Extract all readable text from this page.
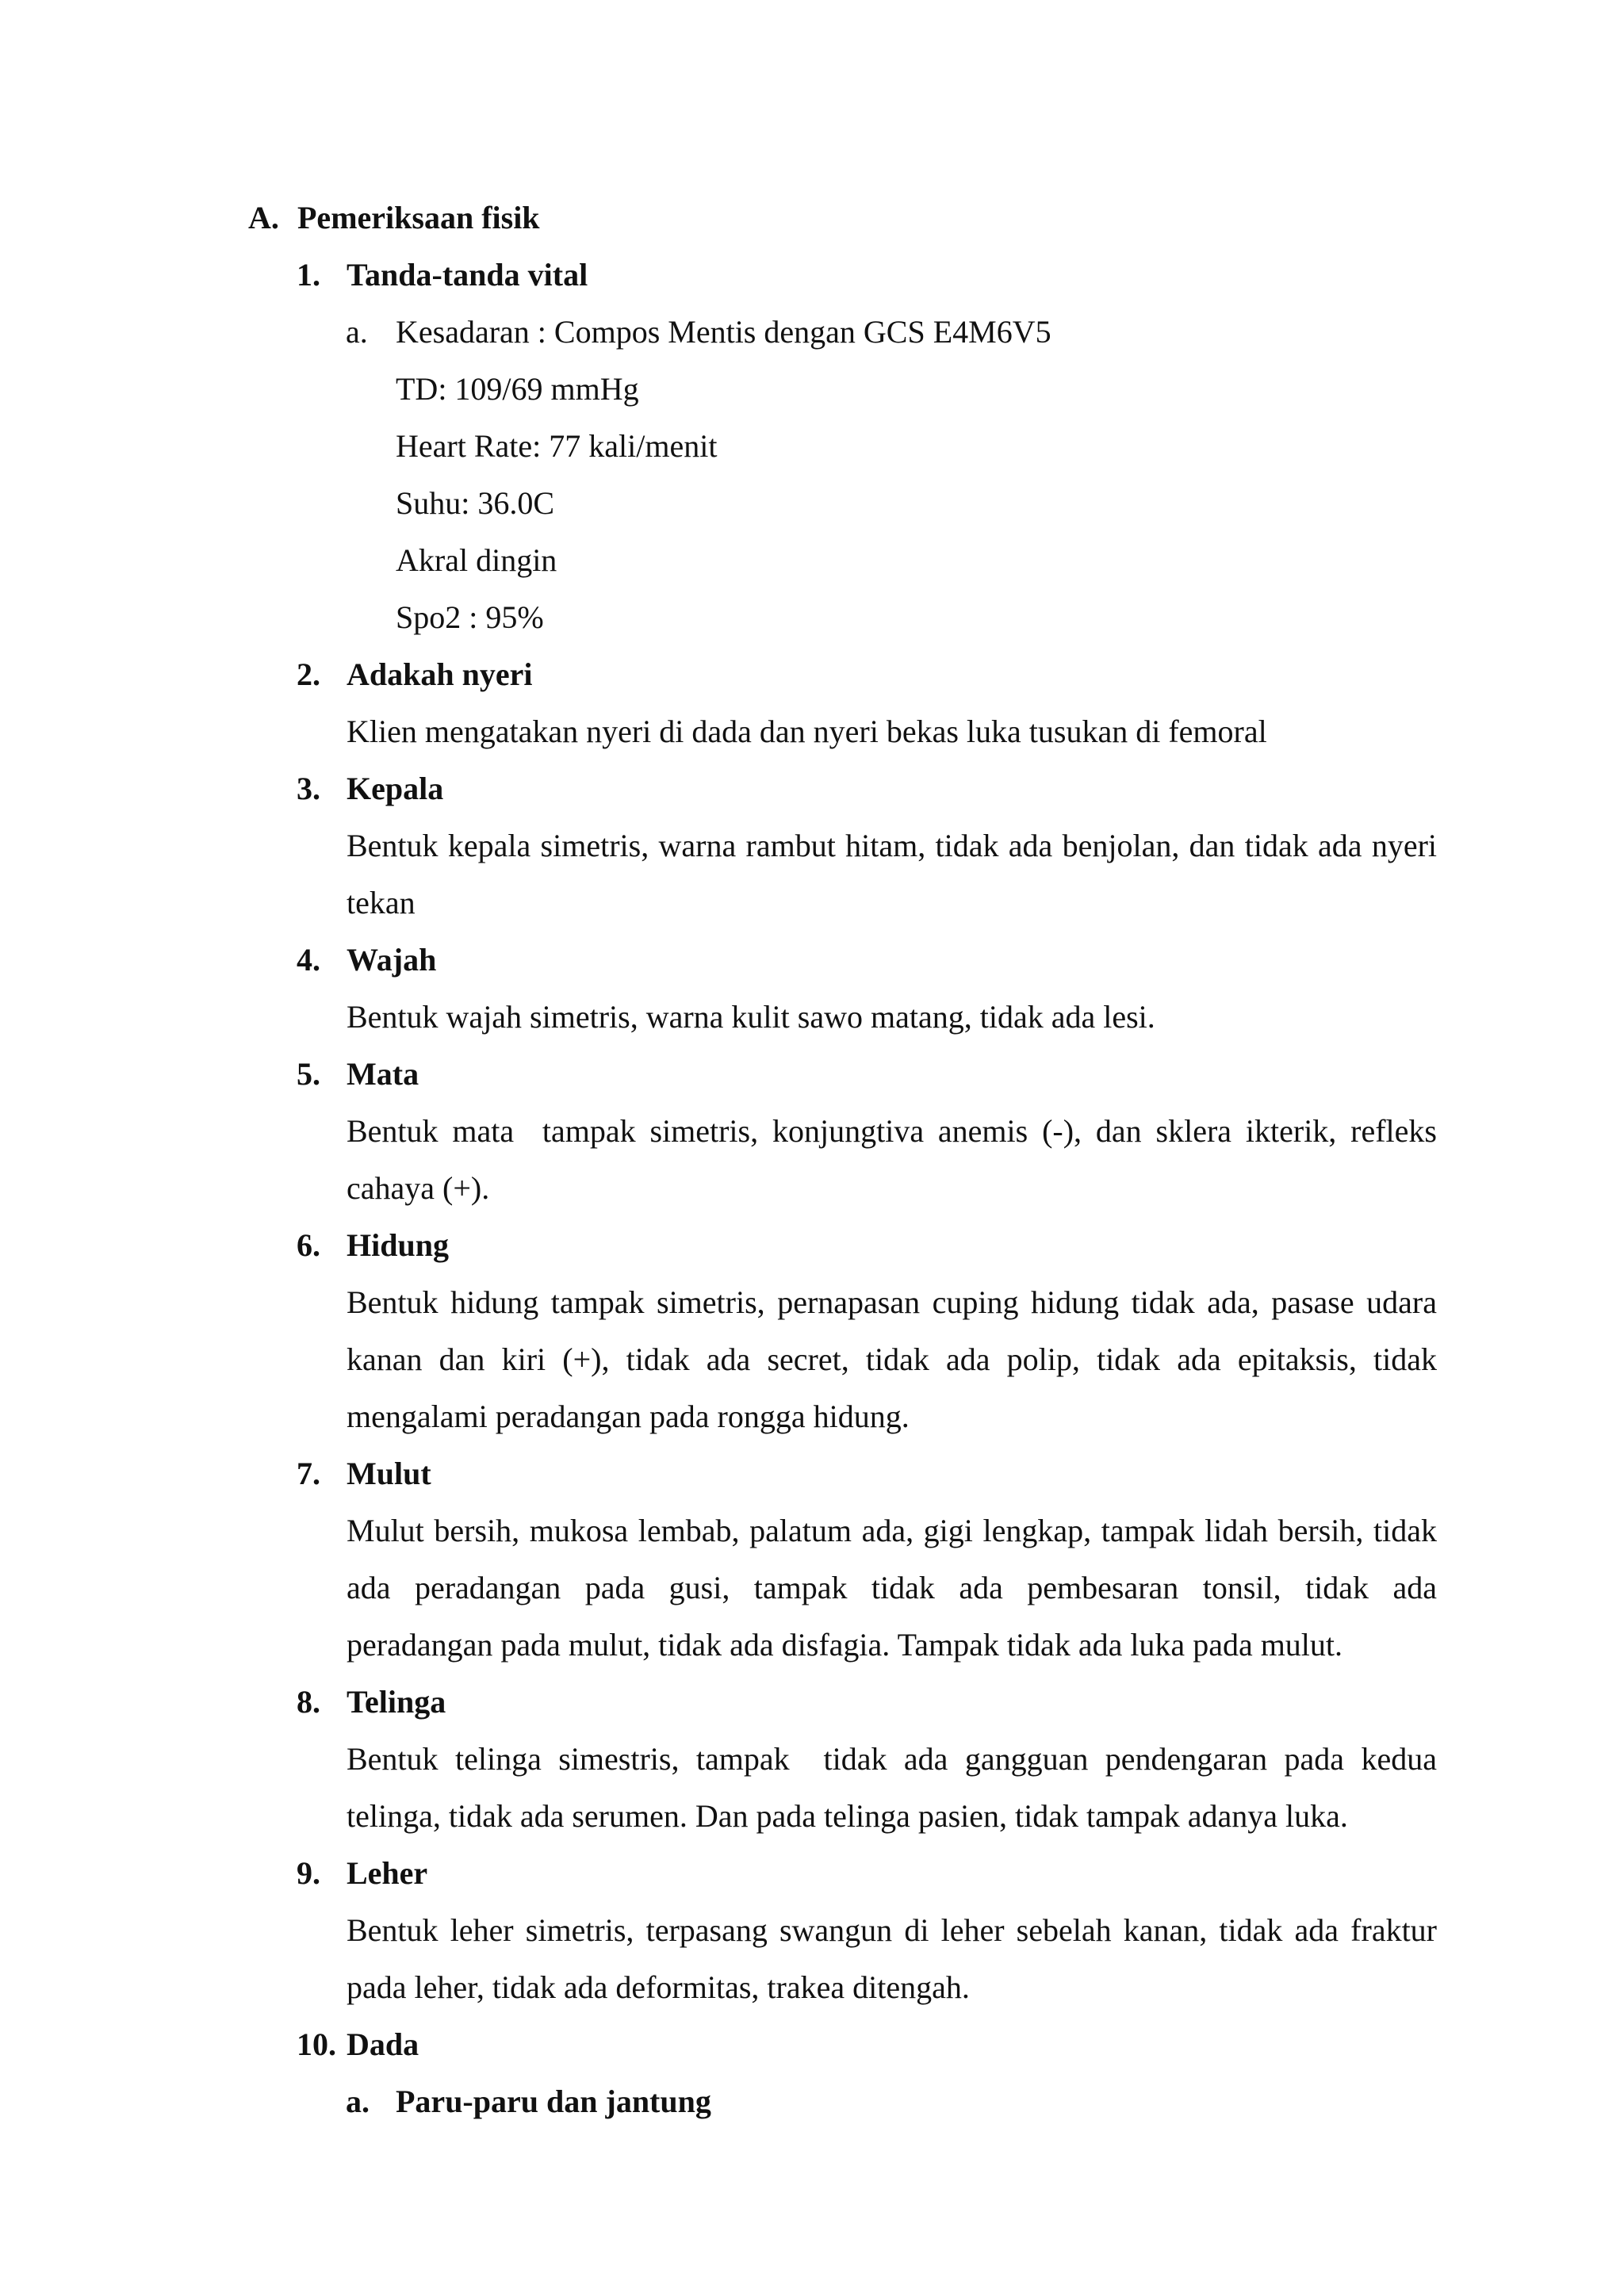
A. Pemeriksaan fisik
1. Tanda-tanda vital
a. Kesadaran : Compos Mentis dengan GCS E4M6V5
TD: 109/69 mmHg
Heart Rate: 77 kali/menit
Suhu: 36.0C
Akral dingin
Spo2 : 95%
2. Adakah nyeri
Klien mengatakan nyeri di dada dan nyeri bekas luka tusukan di femoral
3. Kepala
Bentuk kepala simetris, warna rambut hitam, tidak ada benjolan, dan tidak ada nyeri
tekan
4. Wajah
Bentuk wajah simetris, warna kulit sawo matang, tidak ada lesi.
5. Mata
Bentuk mata  tampak simetris, konjungtiva anemis (-), dan sklera ikterik, refleks
cahaya (+).
6. Hidung
Bentuk hidung tampak simetris, pernapasan cuping hidung tidak ada, pasase udara
kanan dan kiri (+), tidak ada secret, tidak ada polip, tidak ada epitaksis, tidak
mengalami peradangan pada rongga hidung.
7. Mulut
Mulut bersih, mukosa lembab, palatum ada, gigi lengkap, tampak lidah bersih, tidak
ada peradangan pada gusi, tampak tidak ada pembesaran tonsil, tidak ada
peradangan pada mulut, tidak ada disfagia. Tampak tidak ada luka pada mulut.
8. Telinga
Bentuk telinga simestris, tampak  tidak ada gangguan pendengaran pada kedua
telinga, tidak ada serumen. Dan pada telinga pasien, tidak tampak adanya luka.
9. Leher
Bentuk leher simetris, terpasang swangun di leher sebelah kanan, tidak ada fraktur
pada leher, tidak ada deformitas, trakea ditengah.
10. Dada
a. Paru-paru dan jantung
